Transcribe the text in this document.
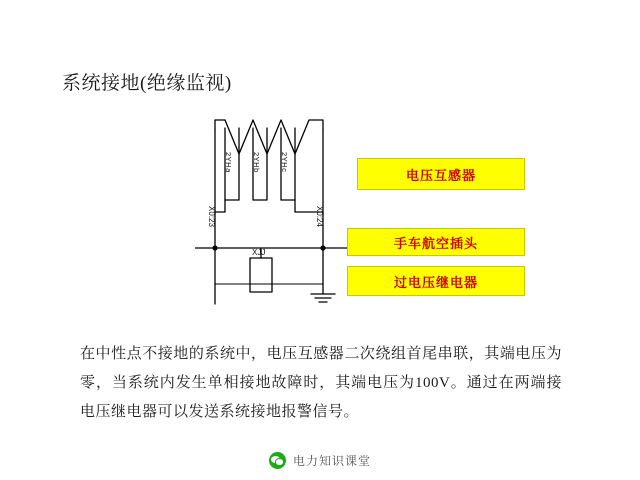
系统接地(绝缘监视)
2YHa	2YHb	2YHc
X0:23	X0:24
XJJ
电压互感器
手车航空插头
过电压继电器
在中性点不接地的系统中，电压互感器二次绕组首尾串联，其端电压为零，当系统内发生单相接地故障时，其端电压为100V。通过在两端接电压继电器可以发送系统接地报警信号。
电力知识课堂
